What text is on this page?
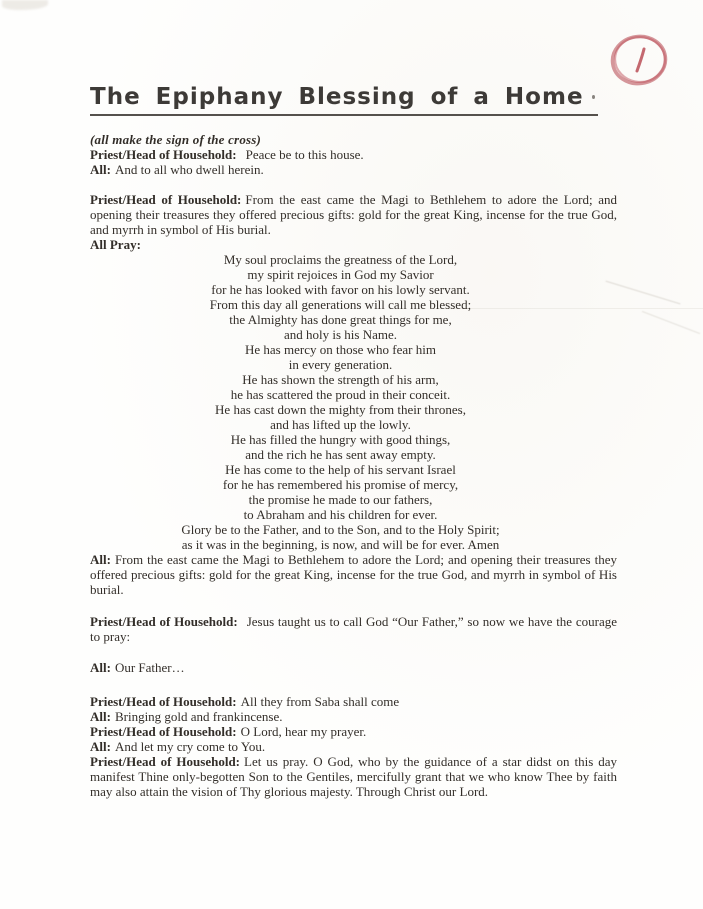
The Epiphany Blessing of a Home

(all make the sign of the cross)

Priest/Head of Household: Peace be to this house.

All: And to all who dwell herein.

Priest/Head of Household: From the east came the Magi to Bethlehem to adore the Lord; and opening their treasures they offered precious gifts: gold for the great King, incense for the true God, and myrrh in symbol of His burial.

All Pray:

My soul proclaims the greatness of the Lord,
my spirit rejoices in God my Savior
for he has looked with favor on his lowly servant.
From this day all generations will call me blessed;
the Almighty has done great things for me,
and holy is his Name.
He has mercy on those who fear him
in every generation.
He has shown the strength of his arm,
he has scattered the proud in their conceit.
He has cast down the mighty from their thrones,
and has lifted up the lowly.
He has filled the hungry with good things,
and the rich he has sent away empty.
He has come to the help of his servant Israel
for he has remembered his promise of mercy,
the promise he made to our fathers,
to Abraham and his children for ever.
Glory be to the Father, and to the Son, and to the Holy Spirit;
as it was in the beginning, is now, and will be for ever. Amen

All: From the east came the Magi to Bethlehem to adore the Lord; and opening their treasures they offered precious gifts: gold for the great King, incense for the true God, and myrrh in symbol of His burial.

Priest/Head of Household: Jesus taught us to call God “Our Father,” so now we have the courage to pray:

All: Our Father…

Priest/Head of Household: All they from Saba shall come

All: Bringing gold and frankincense.

Priest/Head of Household: O Lord, hear my prayer.

All: And let my cry come to You.

Priest/Head of Household: Let us pray. O God, who by the guidance of a star didst on this day manifest Thine only-begotten Son to the Gentiles, mercifully grant that we who know Thee by faith may also attain the vision of Thy glorious majesty. Through Christ our Lord.
